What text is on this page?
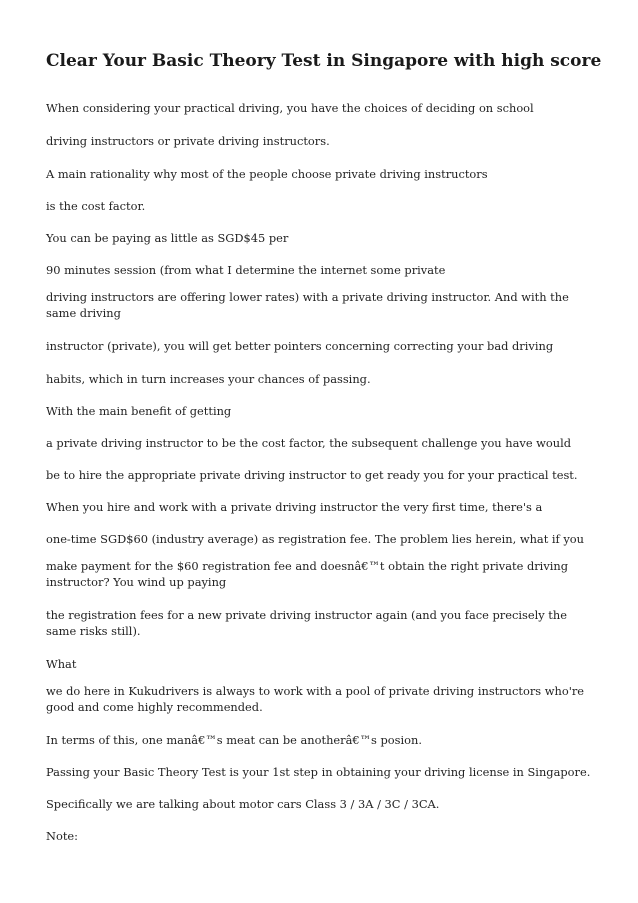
Clear Your Basic Theory Test in Singapore with high score

When considering your practical driving, you have the choices of deciding on school

driving instructors or private driving instructors.

A main rationality why most of the people choose private driving instructors

is the cost factor.

You can be paying as little as SGD$45 per

90 minutes session (from what I determine the internet some private

driving instructors are offering lower rates) with a private driving instructor. And with the same driving

instructor (private), you will get better pointers concerning correcting your bad driving

habits, which in turn increases your chances of passing.

With the main benefit of getting

a private driving instructor to be the cost factor, the subsequent challenge you have would

be to hire the appropriate private driving instructor to get ready you for your practical test.

When you hire and work with a private driving instructor the very first time, there's a

one-time SGD$60 (industry average) as registration fee. The problem lies herein, what if you

make payment for the $60 registration fee and doesnâ€™t obtain the right private driving instructor? You wind up paying

the registration fees for a new private driving instructor again (and you face precisely the same risks still).

What

we do here in Kukudrivers is always to work with a pool of private driving instructors who're good and come highly recommended.

In terms of this, one manâ€™s meat can be anotherâ€™s posion.

Passing your Basic Theory Test is your 1st step in obtaining your driving license in Singapore.

Specifically we are talking about motor cars Class 3 / 3A / 3C / 3CA.

Note:
